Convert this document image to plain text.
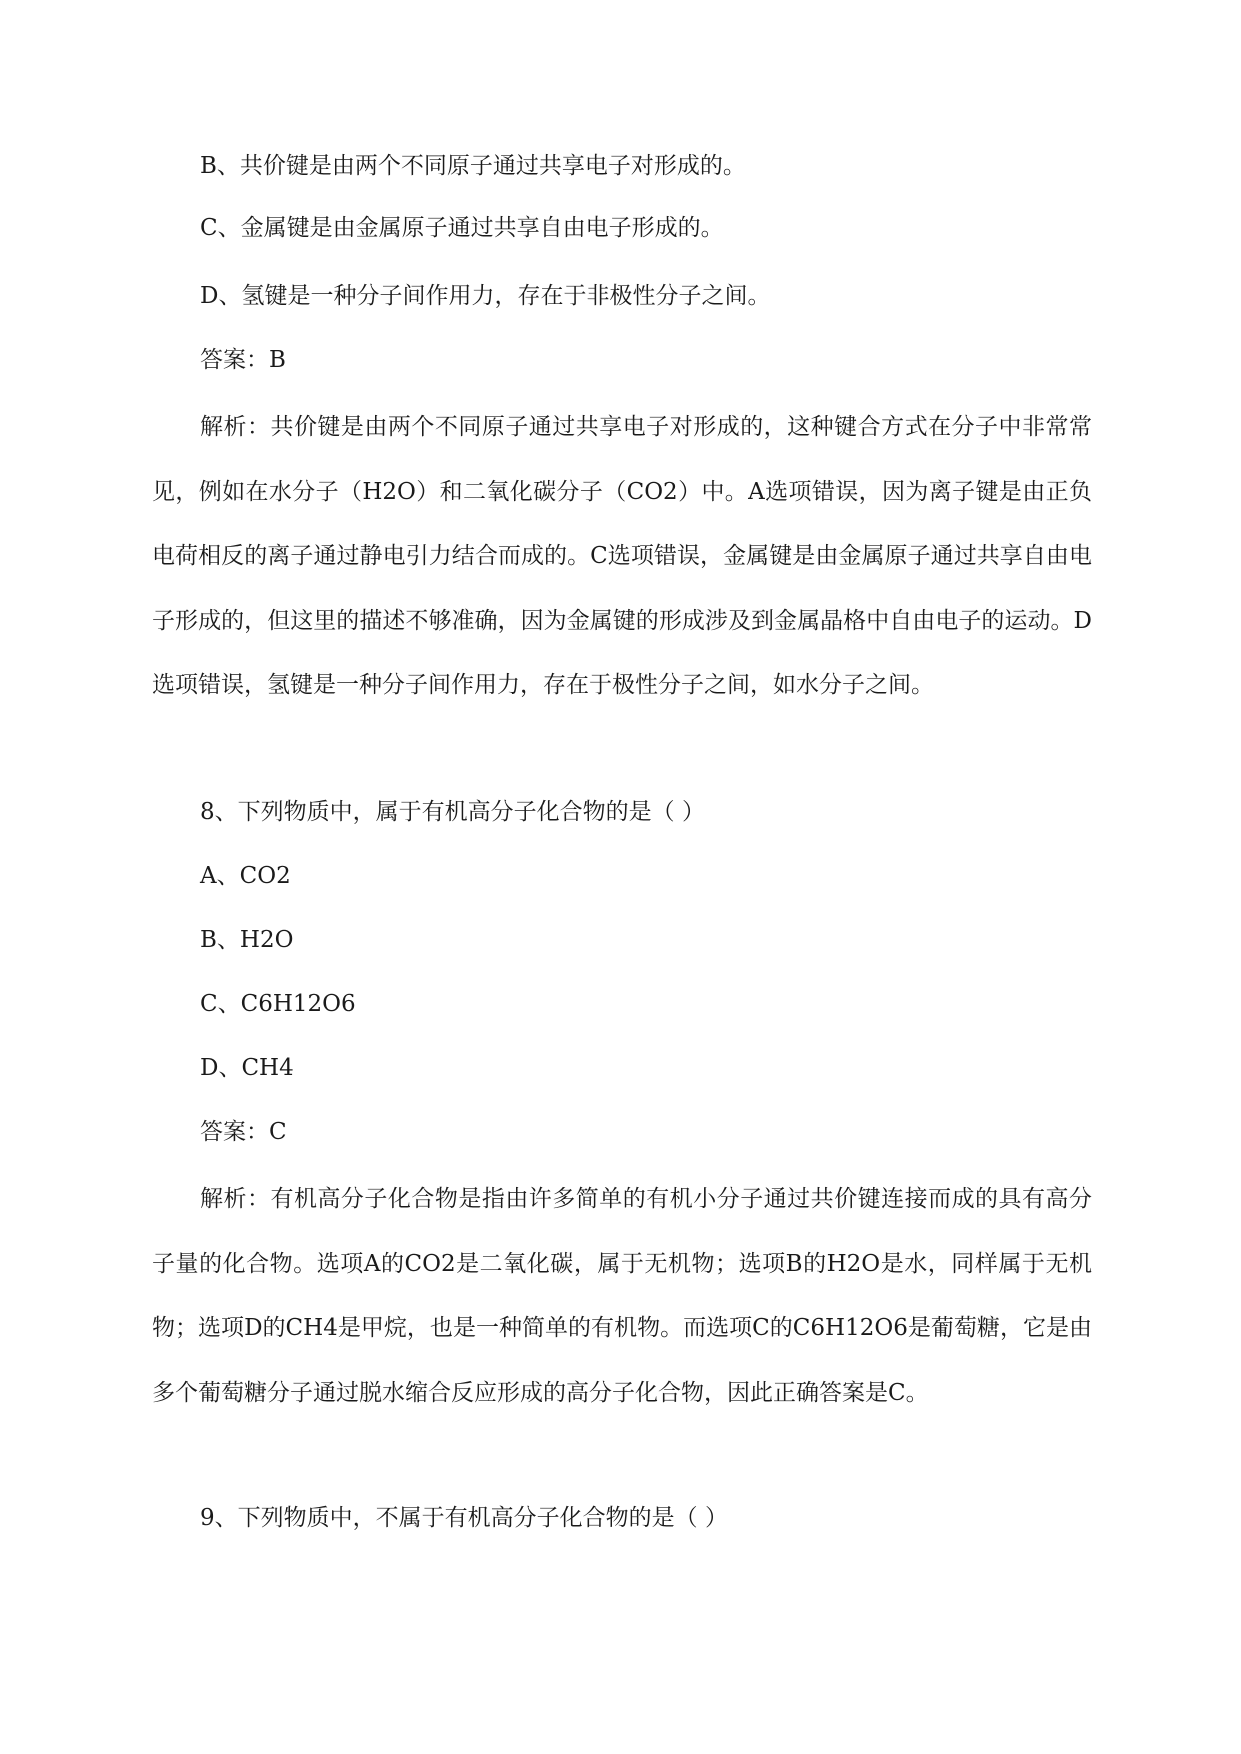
B、共价键是由两个不同原子通过共享电子对形成的。
C、金属键是由金属原子通过共享自由电子形成的。
D、氢键是一种分子间作用力，存在于非极性分子之间。
答案：B

解析：共价键是由两个不同原子通过共享电子对形成的，这种键合方式在分子中非常常见，例如在水分子（H2O）和二氧化碳分子（CO2）中。A选项错误，因为离子键是由正负电荷相反的离子通过静电引力结合而成的。C选项错误，金属键是由金属原子通过共享自由电子形成的，但这里的描述不够准确，因为金属键的形成涉及到金属晶格中自由电子的运动。D选项错误，氢键是一种分子间作用力，存在于极性分子之间，如水分子之间。

8、下列物质中，属于有机高分子化合物的是（ ）
A、CO2
B、H2O
C、C6H12O6
D、CH4
答案：C

解析：有机高分子化合物是指由许多简单的有机小分子通过共价键连接而成的具有高分子量的化合物。选项A的CO2是二氧化碳，属于无机物；选项B的H2O是水，同样属于无机物；选项D的CH4是甲烷，也是一种简单的有机物。而选项C的C6H12O6是葡萄糖，它是由多个葡萄糖分子通过脱水缩合反应形成的高分子化合物，因此正确答案是C。

9、下列物质中，不属于有机高分子化合物的是（ ）
